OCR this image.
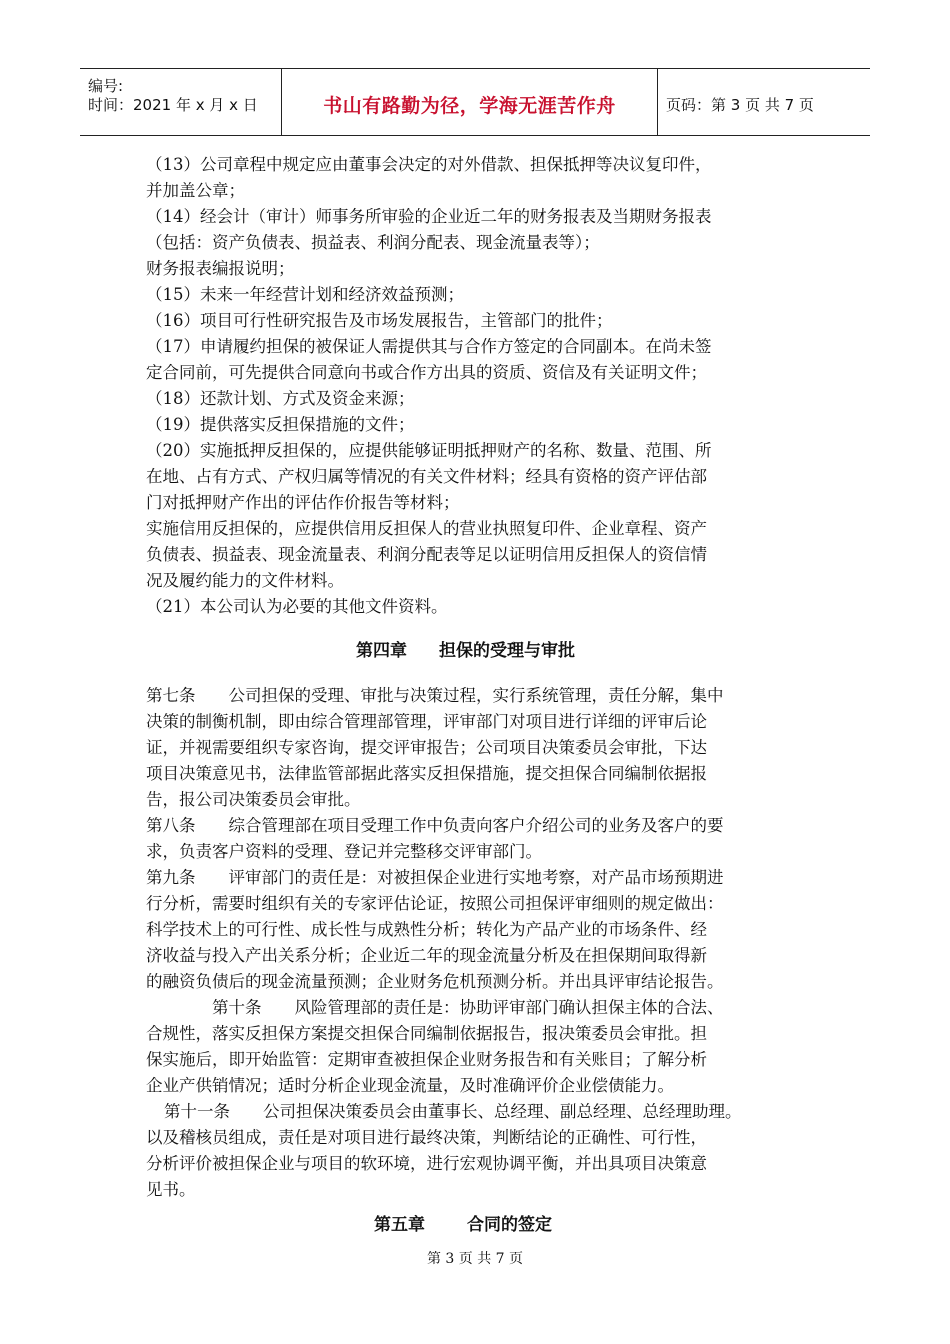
编号:
时间：2021 年 x 月 x 日	书山有路勤为径，学海无涯苦作舟	页码：第 3 页 共 7 页
（13）公司章程中规定应由董事会决定的对外借款、担保抵押等决议复印件，
并加盖公章；
（14）经会计（审计）师事务所审验的企业近二年的财务报表及当期财务报表
（包括：资产负债表、损益表、利润分配表、现金流量表等）；
财务报表编报说明；
（15）未来一年经营计划和经济效益预测；
（16）项目可行性研究报告及市场发展报告，主管部门的批件；
（17）申请履约担保的被保证人需提供其与合作方签定的合同副本。在尚未签
定合同前，可先提供合同意向书或合作方出具的资质、资信及有关证明文件；
（18）还款计划、方式及资金来源；
（19）提供落实反担保措施的文件；
（20）实施抵押反担保的，应提供能够证明抵押财产的名称、数量、范围、所
在地、占有方式、产权归属等情况的有关文件材料；经具有资格的资产评估部
门对抵押财产作出的评估作价报告等材料；
实施信用反担保的，应提供信用反担保人的营业执照复印件、企业章程、资产
负债表、损益表、现金流量表、利润分配表等足以证明信用反担保人的资信情
况及履约能力的文件材料。
（21）本公司认为必要的其他文件资料。
第四章 担保的受理与审批
第七条　　公司担保的受理、审批与决策过程，实行系统管理，责任分解，集中
决策的制衡机制，即由综合管理部管理，评审部门对项目进行详细的评审后论
证，并视需要组织专家咨询，提交评审报告；公司项目决策委员会审批，下达
项目决策意见书，法律监管部据此落实反担保措施，提交担保合同编制依据报
告，报公司决策委员会审批。
第八条　　综合管理部在项目受理工作中负责向客户介绍公司的业务及客户的要
求，负责客户资料的受理、登记并完整移交评审部门。
第九条　　评审部门的责任是：对被担保企业进行实地考察，对产品市场预期进
行分析，需要时组织有关的专家评估论证，按照公司担保评审细则的规定做出：
科学技术上的可行性、成长性与成熟性分析；转化为产品产业的市场条件、经
济收益与投入产出关系分析；企业近二年的现金流量分析及在担保期间取得新
的融资负债后的现金流量预测；企业财务危机预测分析。并出具评审结论报告。
第十条　　风险管理部的责任是：协助评审部门确认担保主体的合法、
合规性，落实反担保方案提交担保合同编制依据报告，报决策委员会审批。担
保实施后，即开始监管：定期审查被担保企业财务报告和有关账目；了解分析
企业产供销情况；适时分析企业现金流量，及时准确评价企业偿债能力。
第十一条　　公司担保决策委员会由董事长、总经理、副总经理、总经理助理。
以及稽核员组成，责任是对项目进行最终决策，判断结论的正确性、可行性，
分析评价被担保企业与项目的软环境，进行宏观协调平衡，并出具项目决策意
见书。
第五章 合同的签定
第 3 页 共 7 页
